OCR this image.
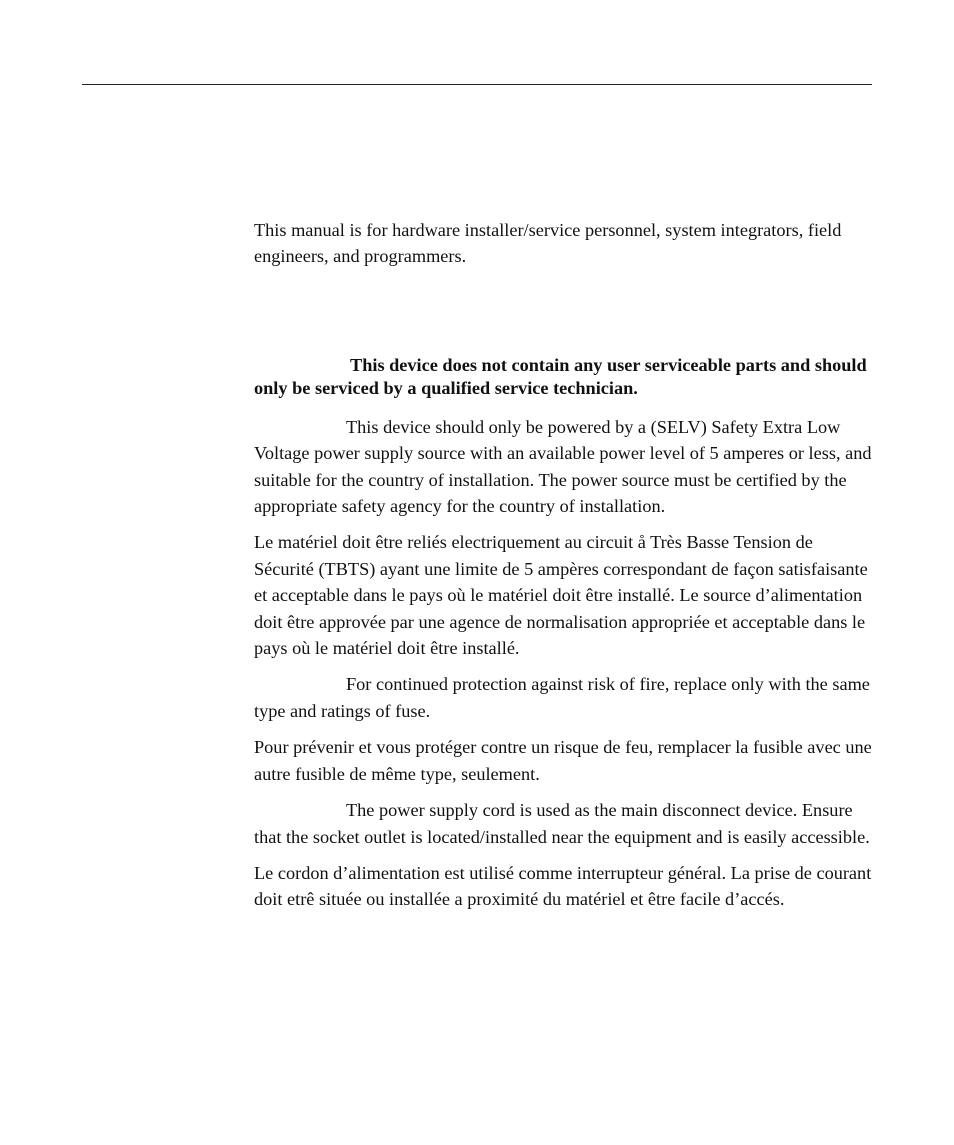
This manual is for hardware installer/service personnel, system integrators, field engineers, and programmers.

This device does not contain any user serviceable parts and should only be serviced by a qualified service technician.

This device should only be powered by a (SELV) Safety Extra Low Voltage power supply source with an available power level of 5 amperes or less, and suitable for the country of installation. The power source must be certified by the appropriate safety agency for the country of installation.

Le matériel doit être reliés electriquement au circuit å Très Basse Tension de Sécurité (TBTS) ayant une limite de 5 ampères correspondant de façon satisfaisante et acceptable dans le pays où le matériel doit être installé. Le source d’alimentation doit être approvée par une agence de normalisation appropriée et acceptable dans le pays où le matériel doit être installé.

For continued protection against risk of fire, replace only with the same type and ratings of fuse.

Pour prévenir et vous protéger contre un risque de feu, remplacer la fusible avec une autre fusible de même type, seulement.

The power supply cord is used as the main disconnect device. Ensure that the socket outlet is located/installed near the equipment and is easily accessible.

Le cordon d’alimentation est utilisé comme interrupteur général. La prise de courant doit etrê située ou installée a proximité du matériel et être facile d’accés.
